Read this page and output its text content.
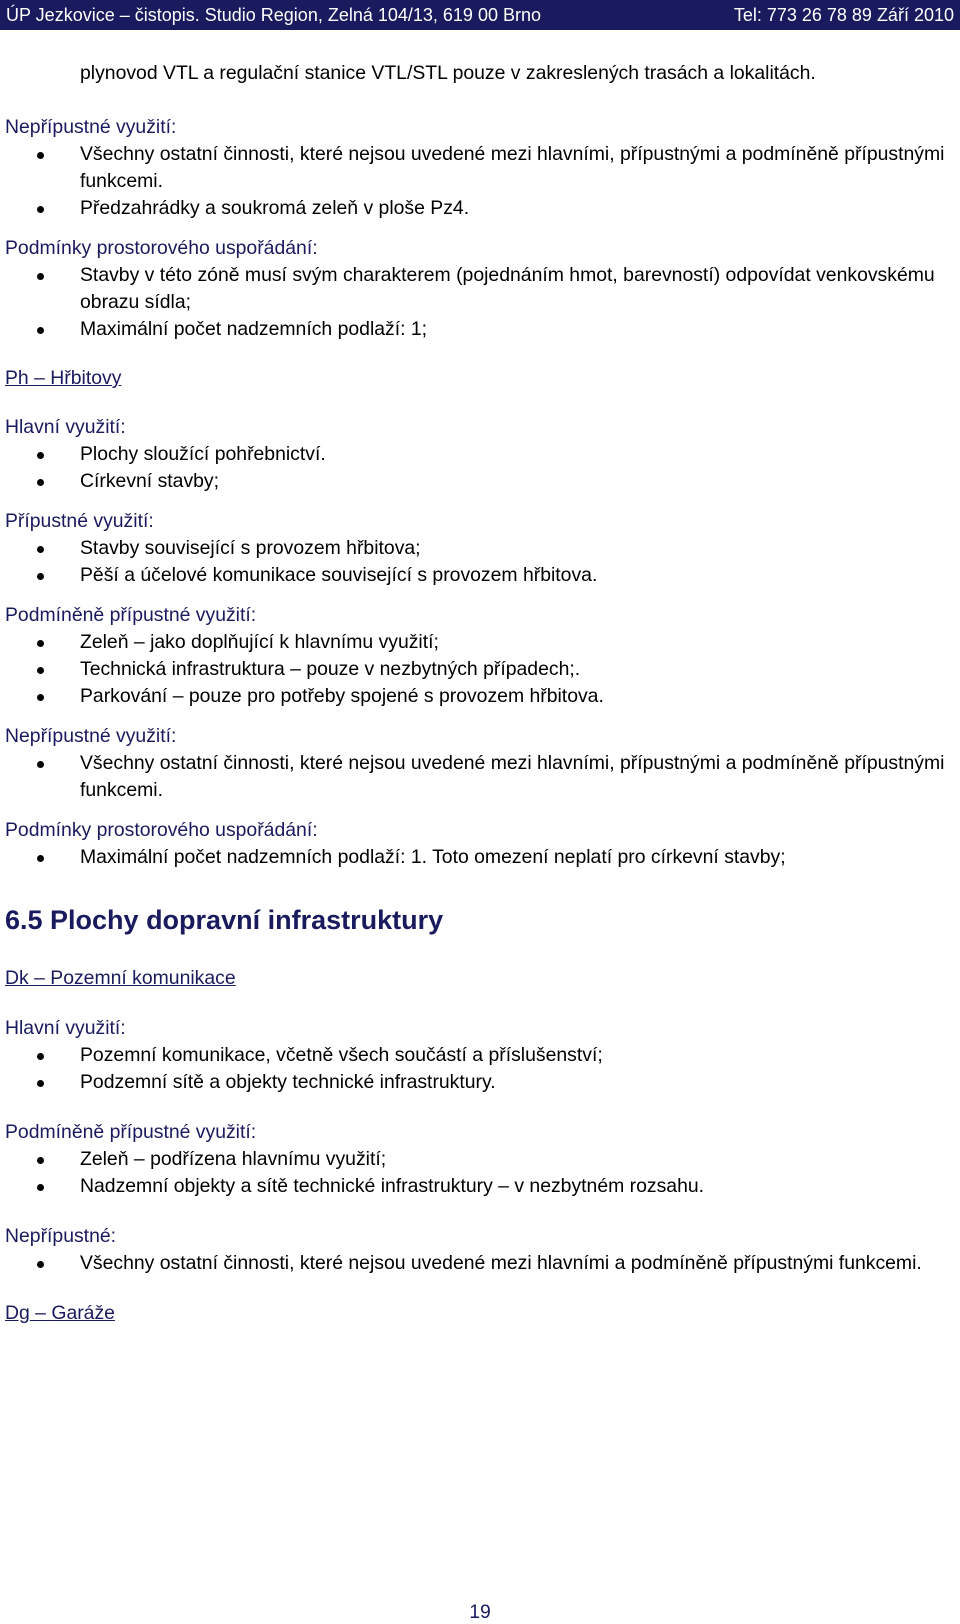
ÚP Jezkovice – čistopis. Studio Region, Zelná 104/13, 619 00 Brno	Tel: 773 26 78 89 Září 2010

plynovod VTL a regulační stanice VTL/STL pouze v zakreslených trasách a lokalitách.

Nepřípustné využití:

Všechny ostatní činnosti, které nejsou uvedené mezi hlavními, přípustnými a podmíněně přípustnými funkcemi.
Předzahrádky a soukromá zeleň v ploše Pz4.

Podmínky prostorového uspořádání:

Stavby v této zóně musí svým charakterem (pojednáním hmot, barevností) odpovídat venkovskému obrazu sídla;
Maximální počet nadzemních podlaží: 1;

Ph – Hřbitovy

Hlavní využití:

Plochy sloužící pohřebnictví.
Církevní stavby;

Přípustné využití:

Stavby související s provozem hřbitova;
Pěší a účelové komunikace související s provozem hřbitova.

Podmíněně přípustné využití:

Zeleň – jako doplňující k hlavnímu využití;
Technická infrastruktura – pouze v nezbytných případech;.
Parkování – pouze pro potřeby spojené s provozem hřbitova.

Nepřípustné využití:

Všechny ostatní činnosti, které nejsou uvedené mezi hlavními, přípustnými a podmíněně přípustnými funkcemi.

Podmínky prostorového uspořádání:

Maximální počet nadzemních podlaží: 1. Toto omezení neplatí pro církevní stavby;

6.5 Plochy dopravní infrastruktury

Dk – Pozemní komunikace

Hlavní využití:

Pozemní komunikace, včetně všech součástí a příslušenství;
Podzemní sítě a objekty technické infrastruktury.

Podmíněně přípustné využití:

Zeleň – podřízena hlavnímu využití;
Nadzemní objekty a sítě technické infrastruktury – v nezbytném rozsahu.

Nepřípustné:

Všechny ostatní činnosti, které nejsou uvedené mezi hlavními a podmíněně přípustnými funkcemi.

Dg – Garáže

19
